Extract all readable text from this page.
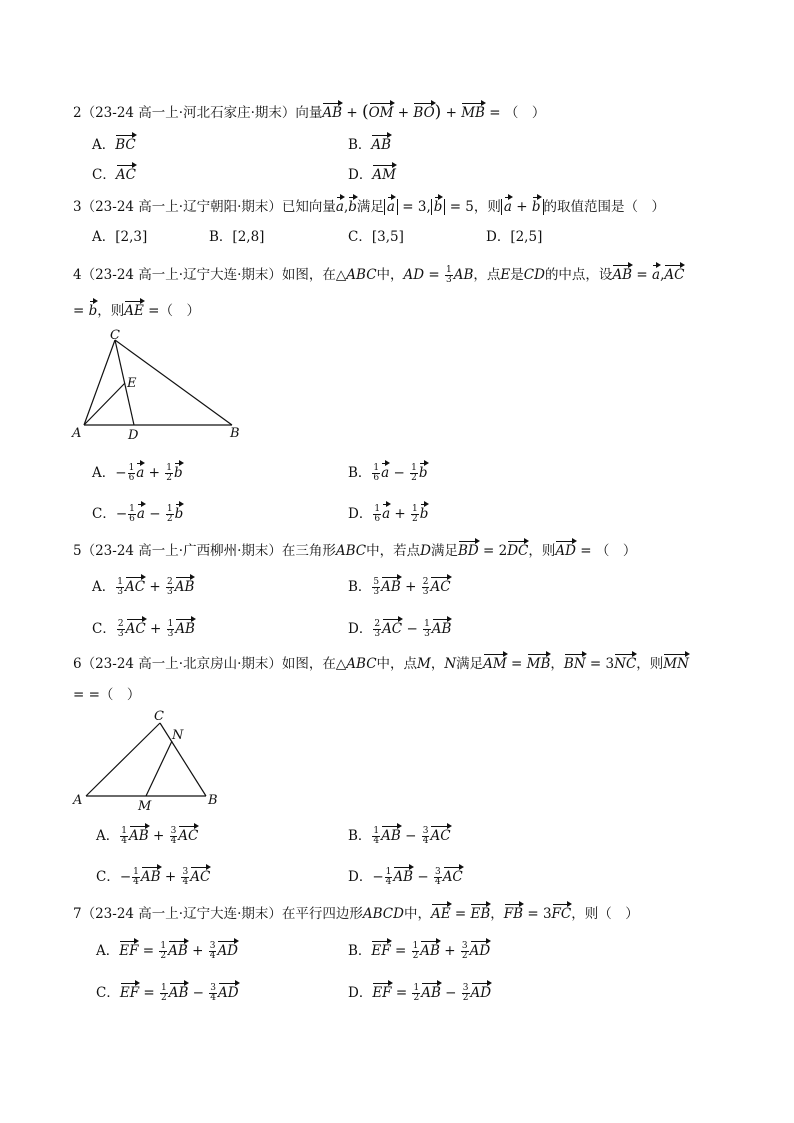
2（23-24 高一上·河北石家庄·期末）向量AB + (OM + BO) + MB = （　）
A．BC	B．AB
C．AC	D．AM
3（23-24 高一上·辽宁朝阳·期末）已知向量a,b满足 a = 3, b = 5，则 a + b 的取值范围是（　）
A．[2,3]	B．[2,8]	C．[3,5]	D．[2,5]
4（23-24 高一上·辽宁大连·期末）如图，在△ABC中，AD = $\frac{1}{3}$ AB，点E是CD的中点，设AB = a,AC
= b，则AE =（　）
C
E
A	D	B
A．− $\frac{1}{6}$ $a + \frac{1}{2}$ b	B． $\frac{1}{6}$ $a - \frac{1}{2}$ b
C．− $\frac{1}{6}$ $a - \frac{1}{2}$ b	D． $\frac{1}{6}$ $a + \frac{1}{2}$ b
5（23-24 高一上·广西柳州·期末）在三角形ABC中，若点D满足BD = 2DC，则AD = （　）
A． $\frac{1}{3}$ AC + $\frac{2}{3}$ AB	B． $\frac{5}{3}$ AB + $\frac{2}{3}$ AC
C． $\frac{2}{3}$ AC + $\frac{1}{3}$ AB	D． $\frac{2}{3}$ AC − $\frac{1}{3}$ AB
6（23-24 高一上·北京房山·期末）如图，在△ABC中，点M，N满足AM = MB，BN = 3NC，则MN
= =（　）
C
N
A	M	B
A． $\frac{1}{4}$ AB + $\frac{3}{4}$ AC	B． $\frac{1}{4}$ AB − $\frac{3}{4}$ AC
C．− $\frac{1}{4}$ AB + $\frac{3}{4}$ AC	D．− $\frac{1}{4}$ AB − $\frac{3}{4}$ AC
7（23-24 高一上·辽宁大连·期末）在平行四边形ABCD中，AE = EB，FB = 3FC，则（　）
A．EF = $\frac{1}{2}$ AB + $\frac{3}{4}$ AD	B．EF = $\frac{1}{2}$ AB + $\frac{3}{2}$ AD
C．EF = $\frac{1}{2}$ AB − $\frac{3}{4}$ AD	D．EF = $\frac{1}{2}$ AB − $\frac{3}{2}$ AD
